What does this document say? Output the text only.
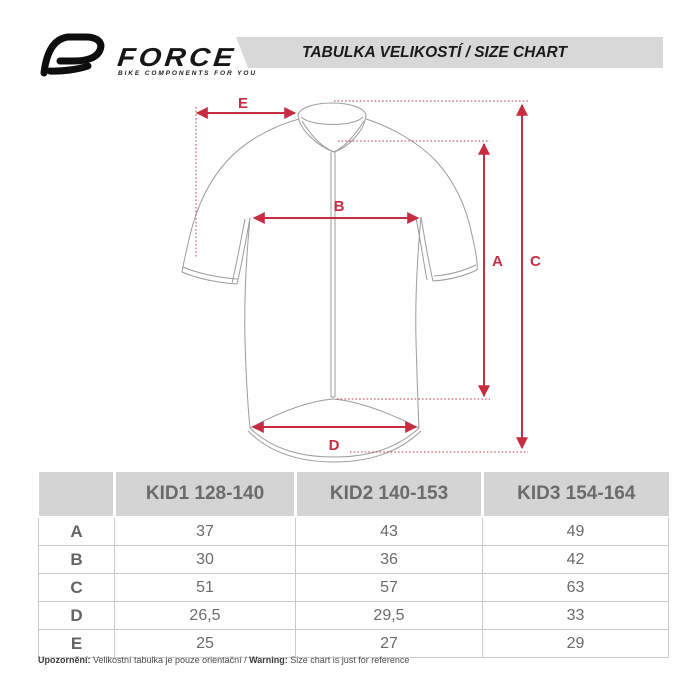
FORCE
BIKE COMPONENTS FOR YOU
TABULKA VELIKOSTÍ / SIZE CHART
E
B
D
A C
	KID1 128-140	KID2 140-153	KID3 154-164
A	37	43	49
B	30	36	42
C	51	57	63
D	26,5	29,5	33
E	25	27	29
Upozornění: Velikostní tabulka je pouze orientační / Warning: Size chart is just for reference
